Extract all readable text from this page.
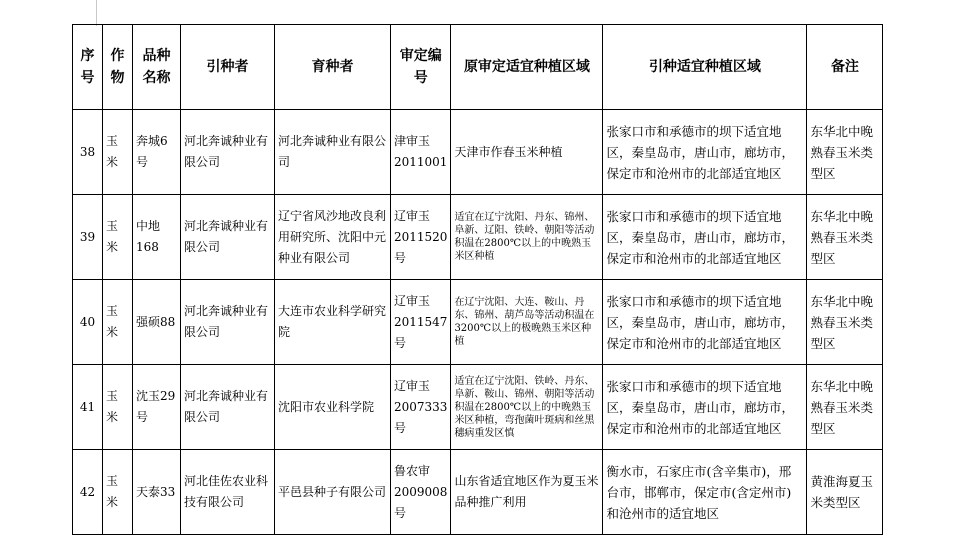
序号	作物	品种名称	引种者	育种者	审定编号	原审定适宜种植区域	引种适宜种植区域	备注
38	玉米	奔城6号	河北奔诚种业有限公司	河北奔诚种业有限公司	津审玉2011001	天津市作春玉米种植	张家口市和承德市的坝下适宜地区，秦皇岛市，唐山市，廊坊市，保定市和沧州市的北部适宜地区	东华北中晚熟春玉米类型区
39	玉米	中地168	河北奔诚种业有限公司	辽宁省风沙地改良利用研究所、沈阳中元种业有限公司	辽审玉2011520号	适宜在辽宁沈阳、丹东、锦州、阜新、辽阳、铁岭、朝阳等活动积温在2800℃以上的中晚熟玉米区种植	张家口市和承德市的坝下适宜地区，秦皇岛市，唐山市，廊坊市，保定市和沧州市的北部适宜地区	东华北中晚熟春玉米类型区
40	玉米	强硕88	河北奔诚种业有限公司	大连市农业科学研究院	辽审玉2011547号	在辽宁沈阳、大连、鞍山、丹东、锦州、葫芦岛等活动积温在 3200℃以上的极晚熟玉米区种植	张家口市和承德市的坝下适宜地区，秦皇岛市，唐山市，廊坊市，保定市和沧州市的北部适宜地区	东华北中晚熟春玉米类型区
41	玉米	沈玉29号	河北奔诚种业有限公司	沈阳市农业科学院	辽审玉2007333号	适宜在辽宁沈阳、铁岭、丹东、阜新、鞍山、锦州、朝阳等活动积温在2800℃以上的中晚熟玉米区种植，弯孢菌叶斑病和丝黑穗病重发区慎	张家口市和承德市的坝下适宜地区，秦皇岛市，唐山市，廊坊市，保定市和沧州市的北部适宜地区	东华北中晚熟春玉米类型区
42	玉米	天泰33	河北佳佐农业科技有限公司	平邑县种子有限公司	鲁农审2009008号	山东省适宜地区作为夏玉米品种推广利用	衡水市，石家庄市(含辛集市)，邢台市，邯郸市，保定市(含定州市)和沧州市的适宜地区	黄淮海夏玉米类型区
